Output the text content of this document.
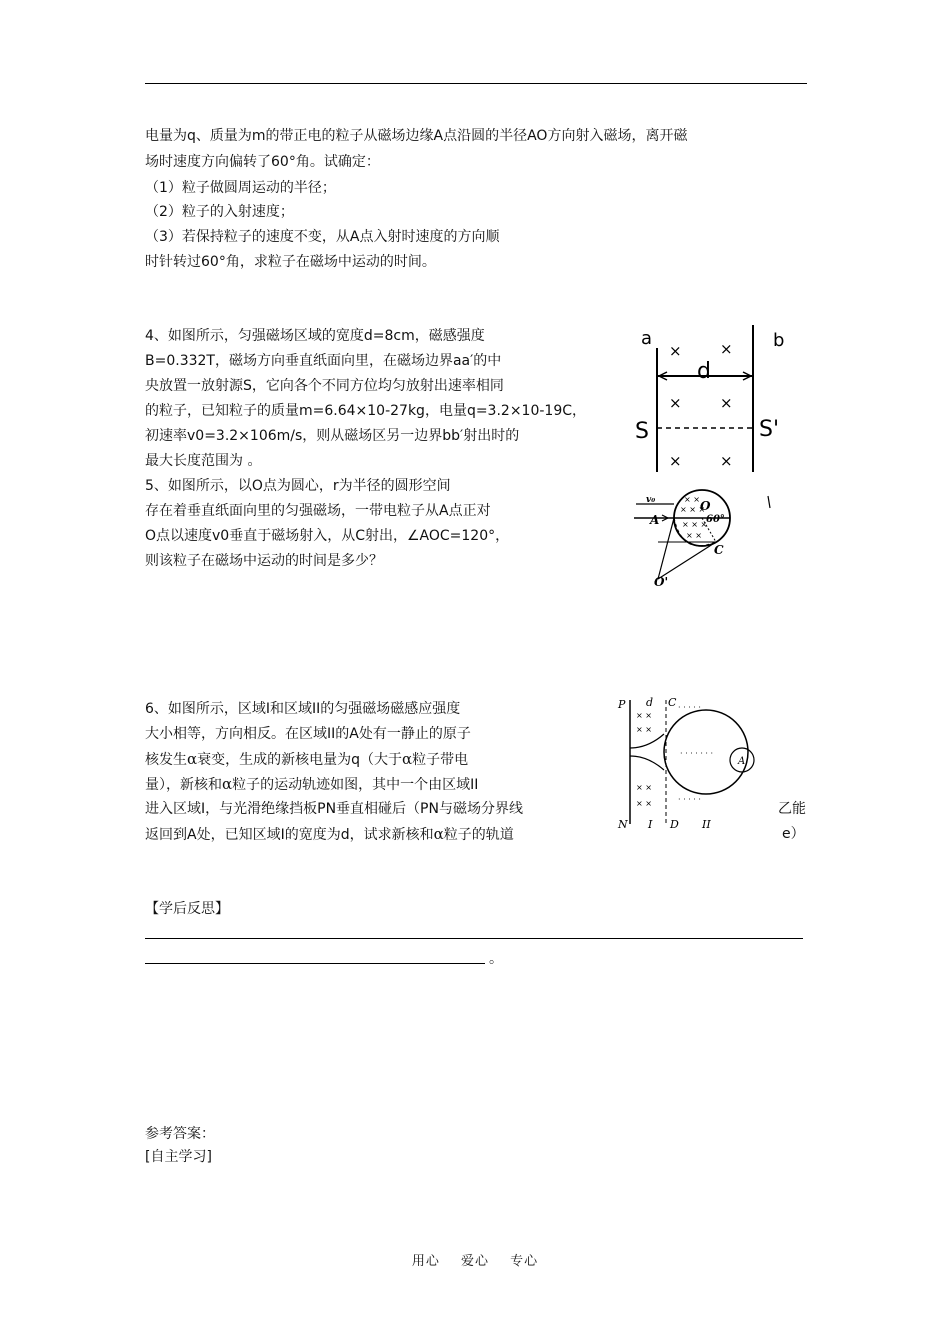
电量为q、质量为m的带正电的粒子从磁场边缘A点沿圆的半径AO方向射入磁场，离开磁
场时速度方向偏转了60°角。试确定：
（1）粒子做圆周运动的半径；
（2）粒子的入射速度；
（3）若保持粒子的速度不变，从A点入射时速度的方向顺
时针转过60°角，求粒子在磁场中运动的时间。
4、如图所示，匀强磁场区域的宽度d=8cm，磁感强度
B=0.332T，磁场方向垂直纸面向里，在磁场边界aa′的中
央放置一放射源S，它向各个不同方位均匀放射出速率相同
的粒子，已知粒子的质量m=6.64×10-27kg，电量q=3.2×10-19C，
初速率v0=3.2×106m/s，则从磁场区另一边界bb′射出时的
最大长度范围为 。
a	b
d
S	S'
×	×
×	×
×	×
5、如图所示，以O点为圆心，r为半径的圆形空间
存在着垂直纸面向里的匀强磁场，一带电粒子从A点正对
O点以速度v0垂直于磁场射入，从C射出，∠AOC=120°，
则该粒子在磁场中运动的时间是多少？
× ×
× × ×
× × ×
× ×
v₀
A
O
60°
C
O'
6、如图所示，区域I和区域II的匀强磁场磁感应强度
大小相等，方向相反。在区域II的A处有一静止的原子
核发生α衰变，生成的新核电量为q（大于α粒子带电
量），新核和α粒子的运动轨迹如图，其中一个由区域II
进入区域I，与光滑绝缘挡板PN垂直相碰后（PN与磁场分界线
返回到A处，已知区域I的宽度为d，试求新核和α粒子的轨道
× ×
× ×
× ×
× ×
· · · · ·
· · · · · · ·
· · · · ·
P d C
A
N I D II
乙能
e）
【学后反思】
。
参考答案：
[自主学习]
用心 爱心 专心
